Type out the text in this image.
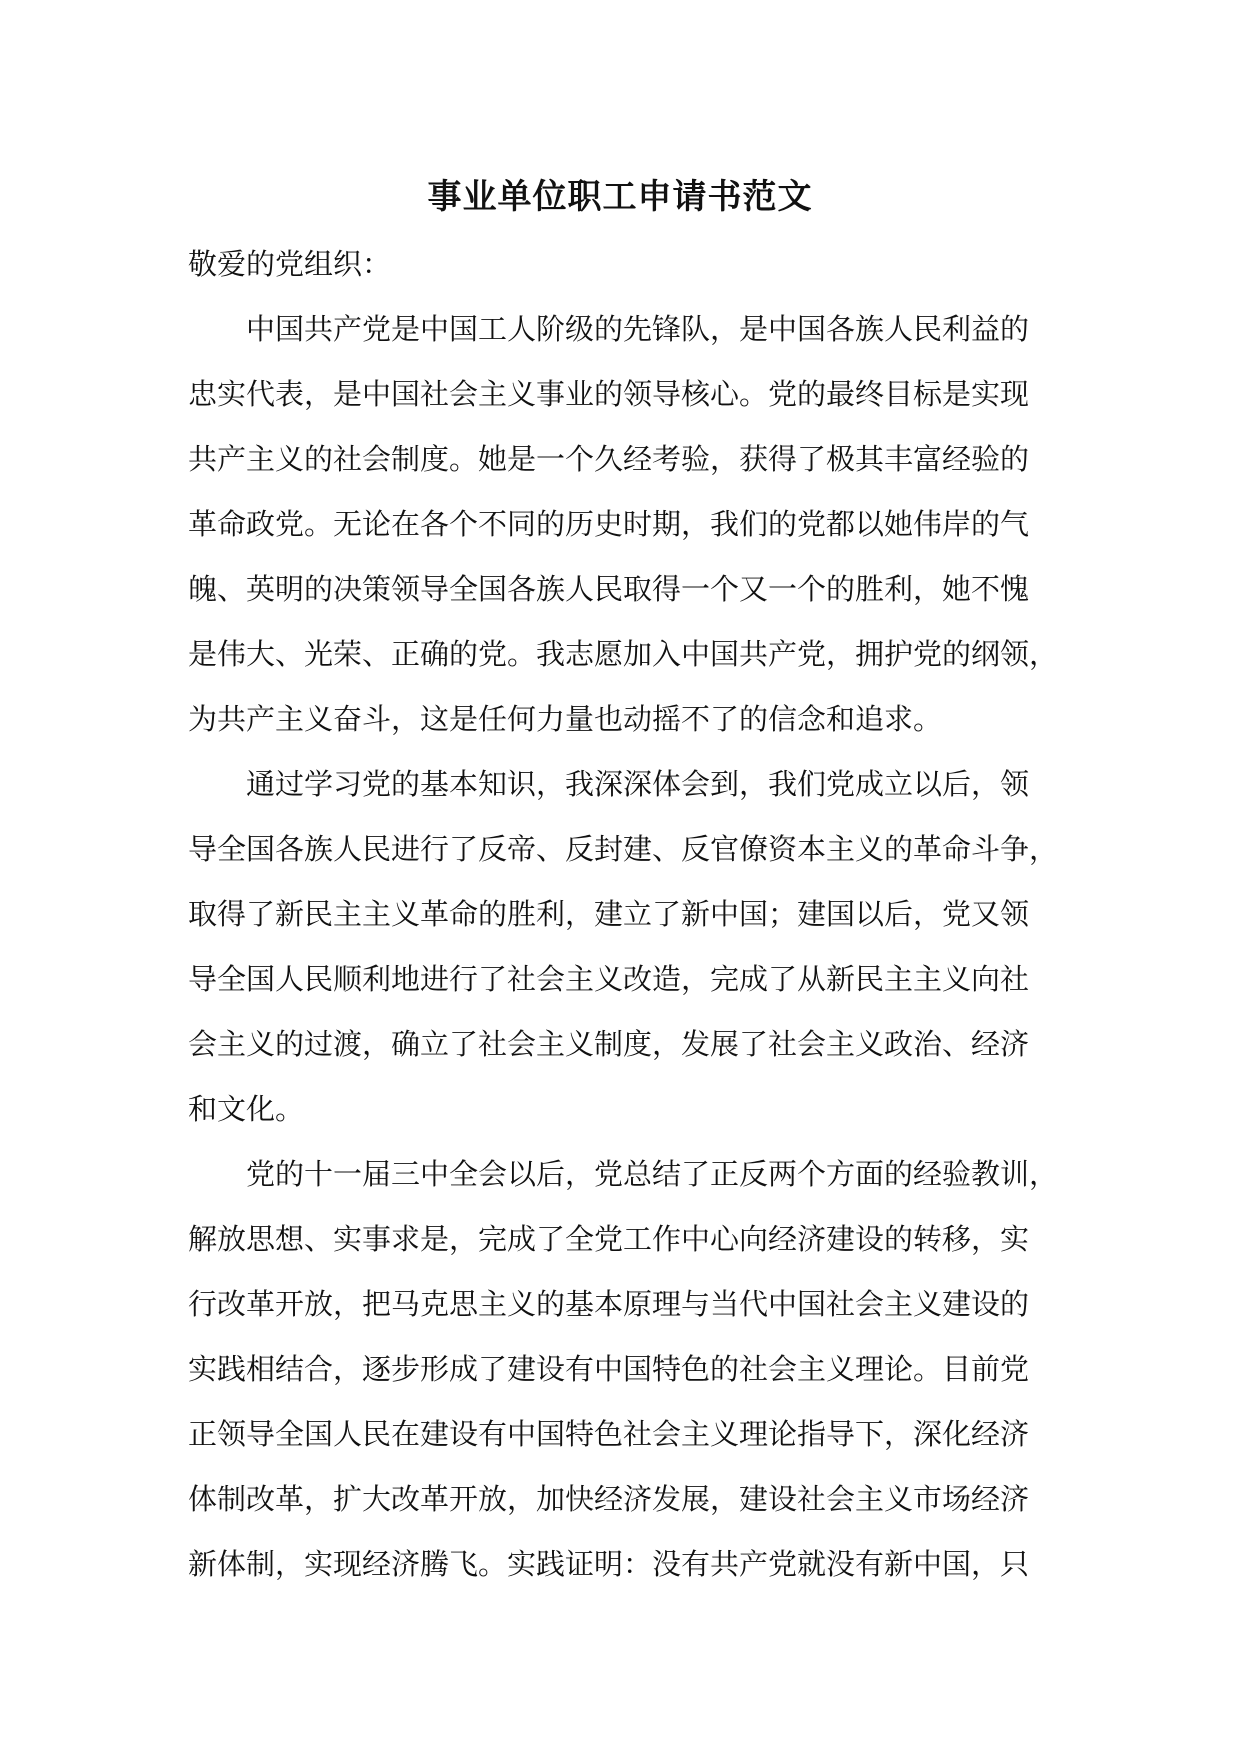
事业单位职工申请书范文
敬爱的党组织：
中国共产党是中国工人阶级的先锋队，是中国各族人民利益的
忠实代表，是中国社会主义事业的领导核心。党的最终目标是实现
共产主义的社会制度。她是一个久经考验，获得了极其丰富经验的
革命政党。无论在各个不同的历史时期，我们的党都以她伟岸的气
魄、英明的决策领导全国各族人民取得一个又一个的胜利，她不愧
是伟大、光荣、正确的党。我志愿加入中国共产党，拥护党的纲领，
为共产主义奋斗，这是任何力量也动摇不了的信念和追求。
通过学习党的基本知识，我深深体会到，我们党成立以后，领
导全国各族人民进行了反帝、反封建、反官僚资本主义的革命斗争，
取得了新民主主义革命的胜利，建立了新中国；建国以后，党又领
导全国人民顺利地进行了社会主义改造，完成了从新民主主义向社
会主义的过渡，确立了社会主义制度，发展了社会主义政治、经济
和文化。
党的十一届三中全会以后，党总结了正反两个方面的经验教训，
解放思想、实事求是，完成了全党工作中心向经济建设的转移，实
行改革开放，把马克思主义的基本原理与当代中国社会主义建设的
实践相结合，逐步形成了建设有中国特色的社会主义理论。目前党
正领导全国人民在建设有中国特色社会主义理论指导下，深化经济
体制改革，扩大改革开放，加快经济发展，建设社会主义市场经济
新体制，实现经济腾飞。实践证明：没有共产党就没有新中国，只
